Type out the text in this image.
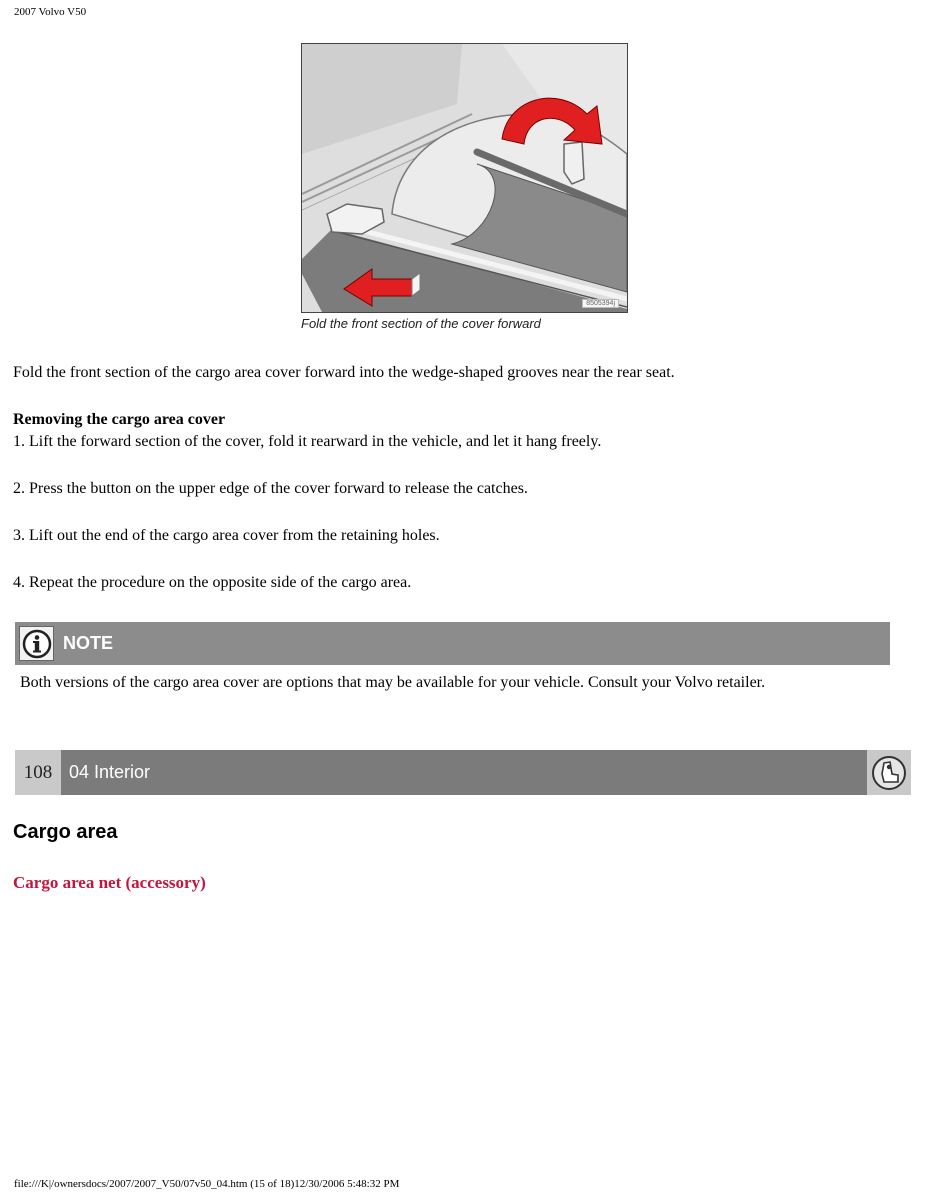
2007 Volvo V50
8505394j
Fold the front section of the cover forward
Fold the front section of the cargo area cover forward into the wedge-shaped grooves near the rear seat.
Removing the cargo area cover
1. Lift the forward section of the cover, fold it rearward in the vehicle, and let it hang freely.
2. Press the button on the upper edge of the cover forward to release the catches.
3. Lift out the end of the cargo area cover from the retaining holes.
4. Repeat the procedure on the opposite side of the cargo area.
NOTE
Both versions of the cargo area cover are options that may be available for your vehicle. Consult your Volvo retailer.
108 04 Interior
Cargo area
Cargo area net (accessory)
file:///K|/ownersdocs/2007/2007_V50/07v50_04.htm (15 of 18)12/30/2006 5:48:32 PM
